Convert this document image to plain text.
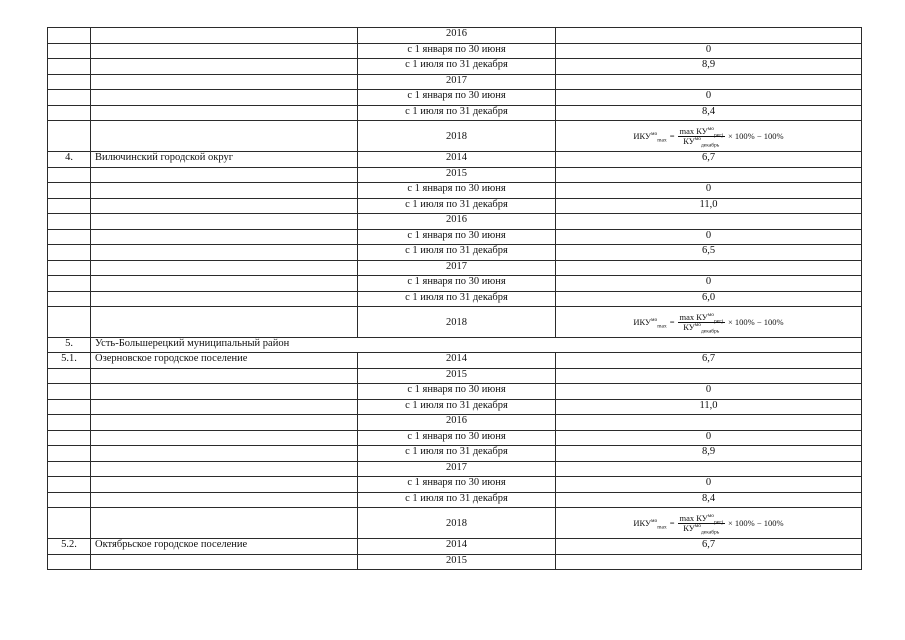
		2016	
		с 1 января по 30 июня	0
		с 1 июля по 31 декабря	8,9
		2017	
		с 1 января по 30 июня	0
		с 1 июля по 31 декабря	8,4
		2018	$ИКУ^{мо}_{max} = \frac{\max КУ^{мо}_{pегj}}{КУ^{мо}_{декабрь}} \times 100\% - 100\%$

4.	Вилючинский городской округ	2014	6,7
		2015	
		с 1 января по 30 июня	0
		с 1 июля по 31 декабря	11,0
		2016	
		с 1 января по 30 июня	0
		с 1 июля по 31 декабря	6,5
		2017	
		с 1 января по 30 июня	0
		с 1 июля по 31 декабря	6,0
		2018	$ИКУ^{мо}_{max} = \frac{\max КУ^{мо}_{pегj}}{КУ^{мо}_{декабрь}} \times 100\% - 100\%$

5.	Усть-Большерецкий муниципальный район		
5.1.	Озерновское городское поселение	2014	6,7
		2015	
		с 1 января по 30 июня	0
		с 1 июля по 31 декабря	11,0
		2016	
		с 1 января по 30 июня	0
		с 1 июля по 31 декабря	8,9
		2017	
		с 1 января по 30 июня	0
		с 1 июля по 31 декабря	8,4
		2018	$ИКУ^{мо}_{max} = \frac{\max КУ^{мо}_{pегj}}{КУ^{мо}_{декабрь}} \times 100\% - 100\%$

5.2.	Октябрьское городское поселение	2014	6,7
		2015	
